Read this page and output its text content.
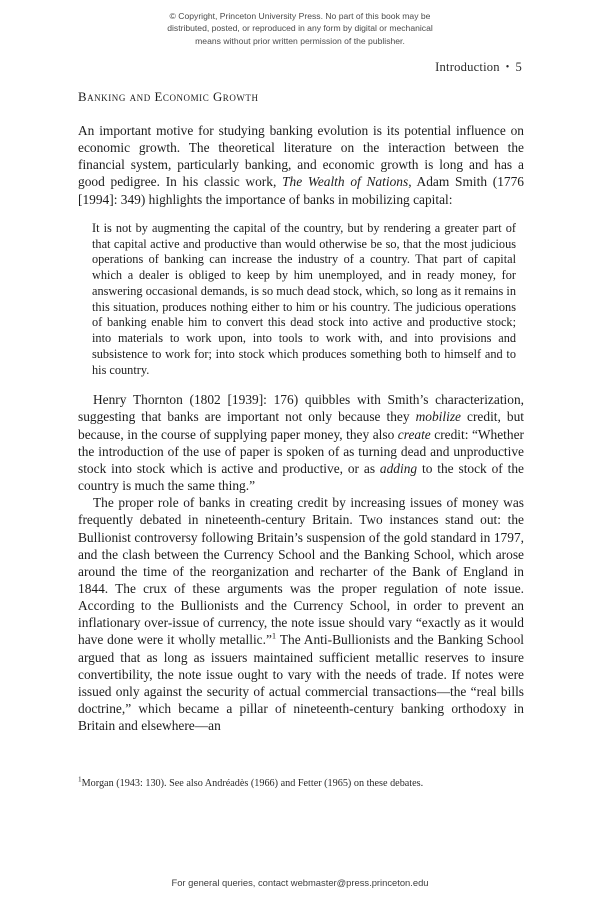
© Copyright, Princeton University Press. No part of this book may be
distributed, posted, or reproduced in any form by digital or mechanical
means without prior written permission of the publisher.
Introduction • 5
Banking and Economic Growth

An important motive for studying banking evolution is its potential influence on economic growth. The theoretical literature on the interaction between the financial system, particularly banking, and economic growth is long and has a good pedigree. In his classic work, The Wealth of Nations, Adam Smith (1776 [1994]: 349) highlights the importance of banks in mobilizing capital:

It is not by augmenting the capital of the country, but by rendering a greater part of that capital active and productive than would otherwise be so, that the most judicious operations of banking can increase the industry of a country. That part of capital which a dealer is obliged to keep by him unemployed, and in ready money, for answering occasional demands, is so much dead stock, which, so long as it remains in this situation, produces nothing either to him or his country. The judicious operations of banking enable him to convert this dead stock into active and productive stock; into materials to work upon, into tools to work with, and into provisions and subsistence to work for; into stock which produces something both to himself and to his country.

Henry Thornton (1802 [1939]: 176) quibbles with Smith’s characterization, suggesting that banks are important not only because they mobilize credit, but because, in the course of supplying paper money, they also create credit: “Whether the introduction of the use of paper is spoken of as turning dead and unproductive stock into stock which is active and productive, or as adding to the stock of the country is much the same thing.”

The proper role of banks in creating credit by increasing issues of money was frequently debated in nineteenth-century Britain. Two instances stand out: the Bullionist controversy following Britain’s suspension of the gold standard in 1797, and the clash between the Currency School and the Banking School, which arose around the time of the reorganization and recharter of the Bank of England in 1844. The crux of these arguments was the proper regulation of note issue. According to the Bullionists and the Currency School, in order to prevent an inflationary over-issue of currency, the note issue should vary “exactly as it would have done were it wholly metallic.”$^1$ The Anti-Bullionists and the Banking School argued that as long as issuers maintained sufficient metallic reserves to insure convertibility, the note issue ought to vary with the needs of trade. If notes were issued only against the security of actual commercial transactions—the “real bills doctrine,” which became a pillar of nineteenth-century banking orthodoxy in Britain and elsewhere—an

$^1$Morgan (1943: 130). See also Andréadès (1966) and Fetter (1965) on these debates.

For general queries, contact webmaster@press.princeton.edu
